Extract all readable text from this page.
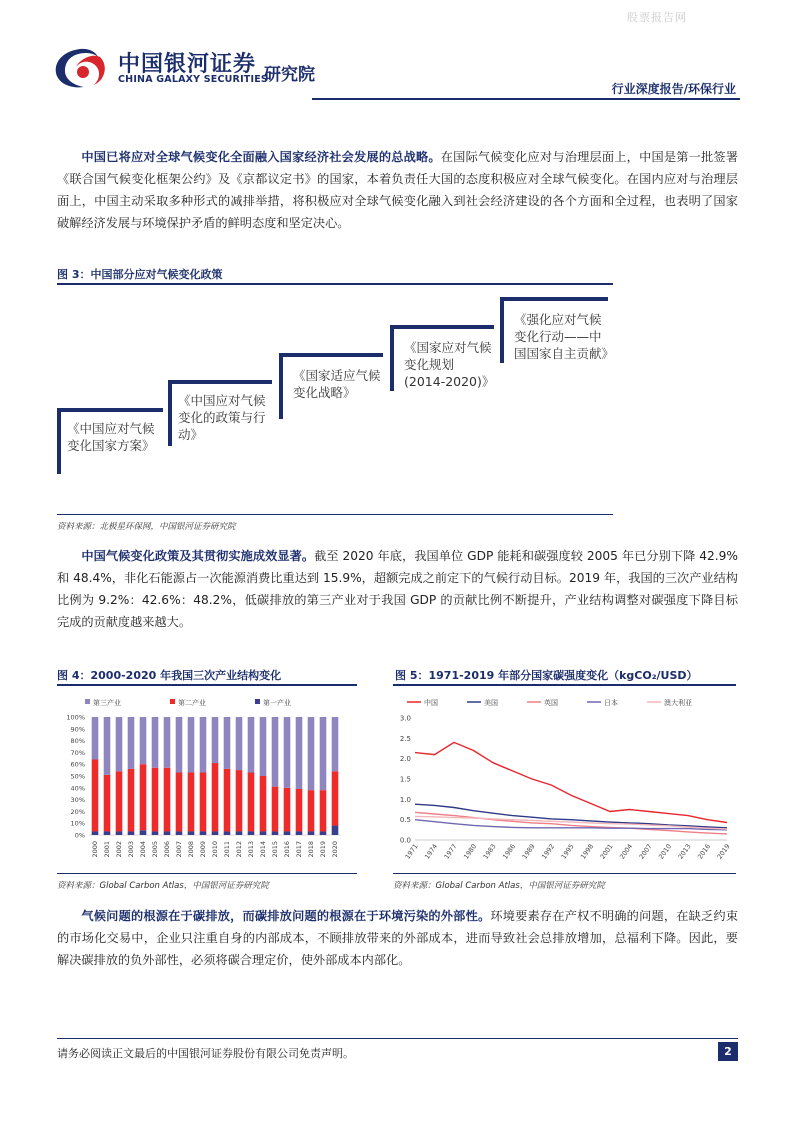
股票报告网
中国银河证券
CHINA GALAXY SECURITIES
研究院
行业深度报告/环保行业
中国已将应对全球气候变化全面融入国家经济社会发展的总战略。在国际气候变化应对与治理层面上，中国是第一批签署《联合国气候变化框架公约》及《京都议定书》的国家，本着负责任大国的态度积极应对全球气候变化。在国内应对与治理层面上，中国主动采取多种形式的减排举措，将积极应对全球气候变化融入到社会经济建设的各个方面和全过程，也表明了国家破解经济发展与环境保护矛盾的鲜明态度和坚定决心。
图 3：中国部分应对气候变化政策
《中国应对气候变化国家方案》
《中国应对气候变化的政策与行动》
《国家适应气候变化战略》
《国家应对气候变化规划(2014-2020)》
《强化应对气候变化行动——中国国家自主贡献》
资料来源：北极星环保网，中国银河证券研究院
中国气候变化政策及其贯彻实施成效显著。截至 2020 年底，我国单位 GDP 能耗和碳强度较 2005 年已分别下降 42.9%和 48.4%，非化石能源占一次能源消费比重达到 15.9%，超额完成之前定下的气候行动目标。2019 年，我国的三次产业结构比例为 9.2%：42.6%：48.2%，低碳排放的第三产业对于我国 GDP 的贡献比例不断提升，产业结构调整对碳强度下降目标完成的贡献度越来越大。
图 4：2000-2020 年我国三次产业结构变化	图 5：1971-2019 年部分国家碳强度变化（kgCO₂/USD）
第三产业	第二产业	第一产业
0%
10%
20%
30%
40%
50%
60%
70%
80%
90%
100%
2000 2001 2002 2003 2004 2005 2006 2007 2008 2009 2010 2011 2012 2013 2014 2015 2016 2017 2018 2019 2020
中国	美国	英国	日本	澳大利亚
0.0
0.5
1.0
1.5
2.0
2.5
3.0
1971 1974 1977 1980 1983 1986 1989 1992 1995 1998 2001 2004 2007 2010 2013 2016 2019
资料来源：Global Carbon Atlas，中国银河证券研究院	资料来源：Global Carbon Atlas，中国银河证券研究院
气候问题的根源在于碳排放，而碳排放问题的根源在于环境污染的外部性。环境要素存在产权不明确的问题，在缺乏约束的市场化交易中，企业只注重自身的内部成本，不顾排放带来的外部成本，进而导致社会总排放增加，总福利下降。因此，要解决碳排放的负外部性，必须将碳合理定价，使外部成本内部化。
请务必阅读正文最后的中国银河证券股份有限公司免责声明。	2
